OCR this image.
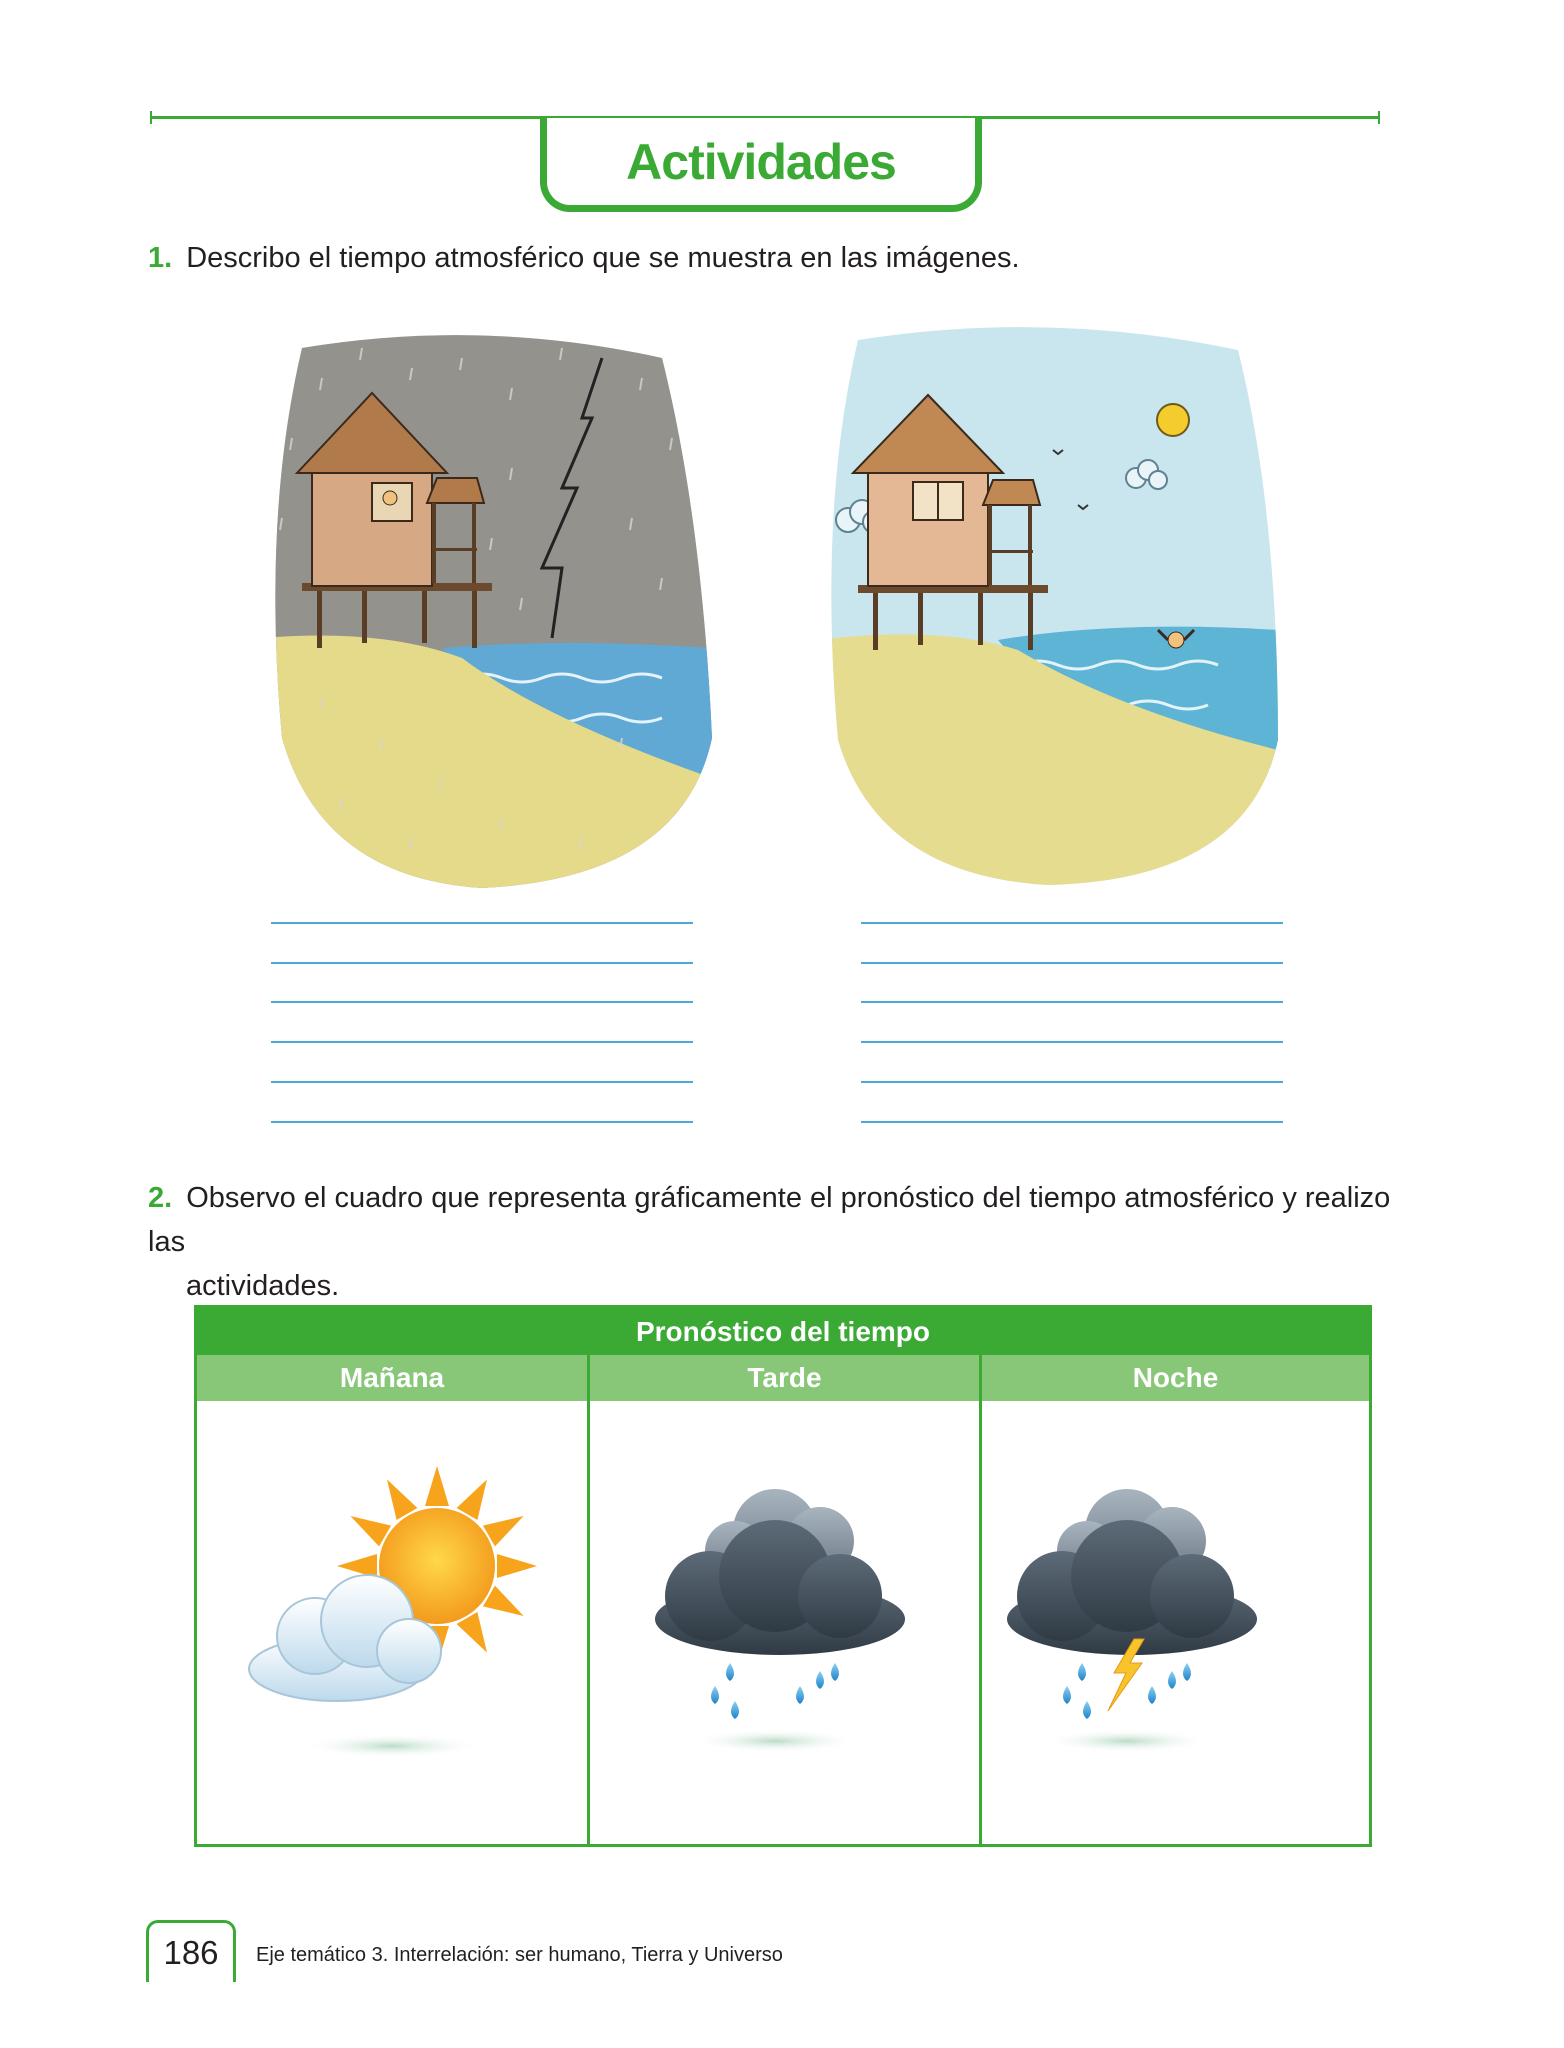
Actividades
1. Describo el tiempo atmosférico que se muestra en las imágenes.
2. Observo el cuadro que representa gráficamente el pronóstico del tiempo atmosférico y realizo las
actividades.
Pronóstico del tiempo
Mañana	Tarde	Noche
186 Eje temático 3. Interrelación: ser humano, Tierra y Universo
